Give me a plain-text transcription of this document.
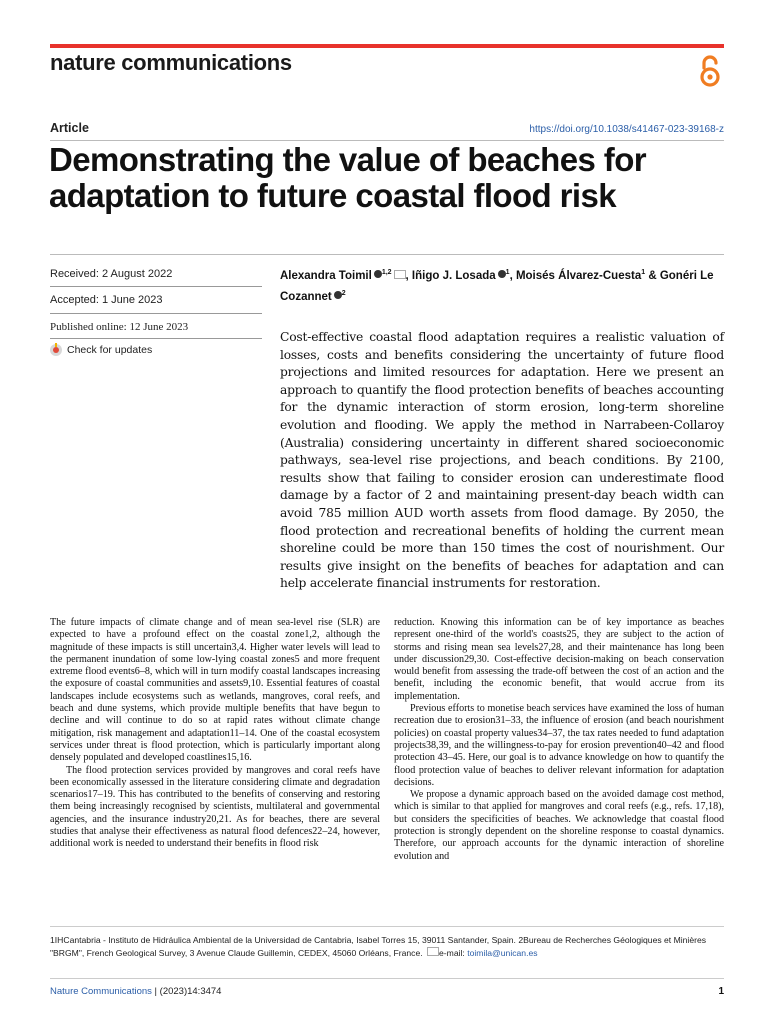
nature communications
Article	https://doi.org/10.1038/s41467-023-39168-z
Demonstrating the value of beaches for adaptation to future coastal flood risk
Received: 2 August 2022
Accepted: 1 June 2023
Published online: 12 June 2023
Check for updates
Alexandra Toimil $^{1,2}$ , Iñigo J. Losada $^1$, Moisés Álvarez-Cuesta$^1$ & Gonéri Le Cozannet $^2$

Cost-effective coastal flood adaptation requires a realistic valuation of losses, costs and benefits considering the uncertainty of future flood projections and limited resources for adaptation. Here we present an approach to quantify the flood protection benefits of beaches accounting for the dynamic interaction of storm erosion, long-term shoreline evolution and flooding. We apply the method in Narrabeen-Collaroy (Australia) considering uncertainty in different shared socioeconomic pathways, sea-level rise projections, and beach conditions. By 2100, results show that failing to consider erosion can underestimate flood damage by a factor of 2 and maintaining present-day beach width can avoid 785 million AUD worth assets from flood damage. By 2050, the flood protection and recreational benefits of holding the current mean shoreline could be more than 150 times the cost of nourishment. Our results give insight on the benefits of beaches for adaptation and can help accelerate financial instruments for restoration.

The future impacts of climate change and of mean sea-level rise (SLR) are expected to have a profound effect on the coastal zone1,2, although the magnitude of these impacts is still uncertain3,4. Higher water levels will lead to the permanent inundation of some low-lying coastal zones5 and more frequent extreme flood events6–8, which will in turn modify coastal landscapes increasing the exposure of coastal communities and assets9,10. Essential features of coastal landscapes include ecosystems such as wetlands, mangroves, coral reefs, and beach and dune systems, which provide multiple benefits that have begun to decline and will continue to do so at rapid rates without climate change mitigation, risk management and adaptation11–14. One of the coastal ecosystem services under threat is flood protection, which is particularly important along densely populated and developed coastlines15,16.

The flood protection services provided by mangroves and coral reefs have been economically assessed in the literature considering climate and degradation scenarios17–19. This has contributed to the benefits of conserving and restoring them being increasingly recognised by scientists, multilateral and governmental agencies, and the insurance industry20,21. As for beaches, there are several studies that analyse their effectiveness as natural flood defences22–24, however, additional work is needed to understand their benefits in flood risk

reduction. Knowing this information can be of key importance as beaches represent one-third of the world's coasts25, they are subject to the action of storms and rising mean sea levels27,28, and their maintenance has long been under discussion29,30. Cost-effective decision-making on beach conservation would benefit from assessing the trade-off between the cost of an action and the benefit, including the economic benefit, that would accrue from its implementation.

Previous efforts to monetise beach services have examined the loss of human recreation due to erosion31–33, the influence of erosion (and beach nourishment policies) on coastal property values34–37, the tax rates needed to fund adaptation projects38,39, and the willingness-to-pay for erosion prevention40–42 and flood protection 43–45. Here, our goal is to advance knowledge on how to quantify the flood protection value of beaches to deliver relevant information for adaptation decisions.

We propose a dynamic approach based on the avoided damage cost method, which is similar to that applied for mangroves and coral reefs (e.g., refs. 17,18), but considers the specificities of beaches. We acknowledge that coastal flood protection is strongly dependent on the shoreline response to coastal dynamics. Therefore, our approach accounts for the dynamic interaction of shoreline evolution and

1IHCantabria - Instituto de Hidráulica Ambiental de la Universidad de Cantabria, Isabel Torres 15, 39011 Santander, Spain. 2Bureau de Recherches Géologiques et Minières "BRGM", French Geological Survey, 3 Avenue Claude Guillemin, CEDEX, 45060 Orléans, France. e-mail: toimila@unican.es

Nature Communications | (2023)14:3474	1
